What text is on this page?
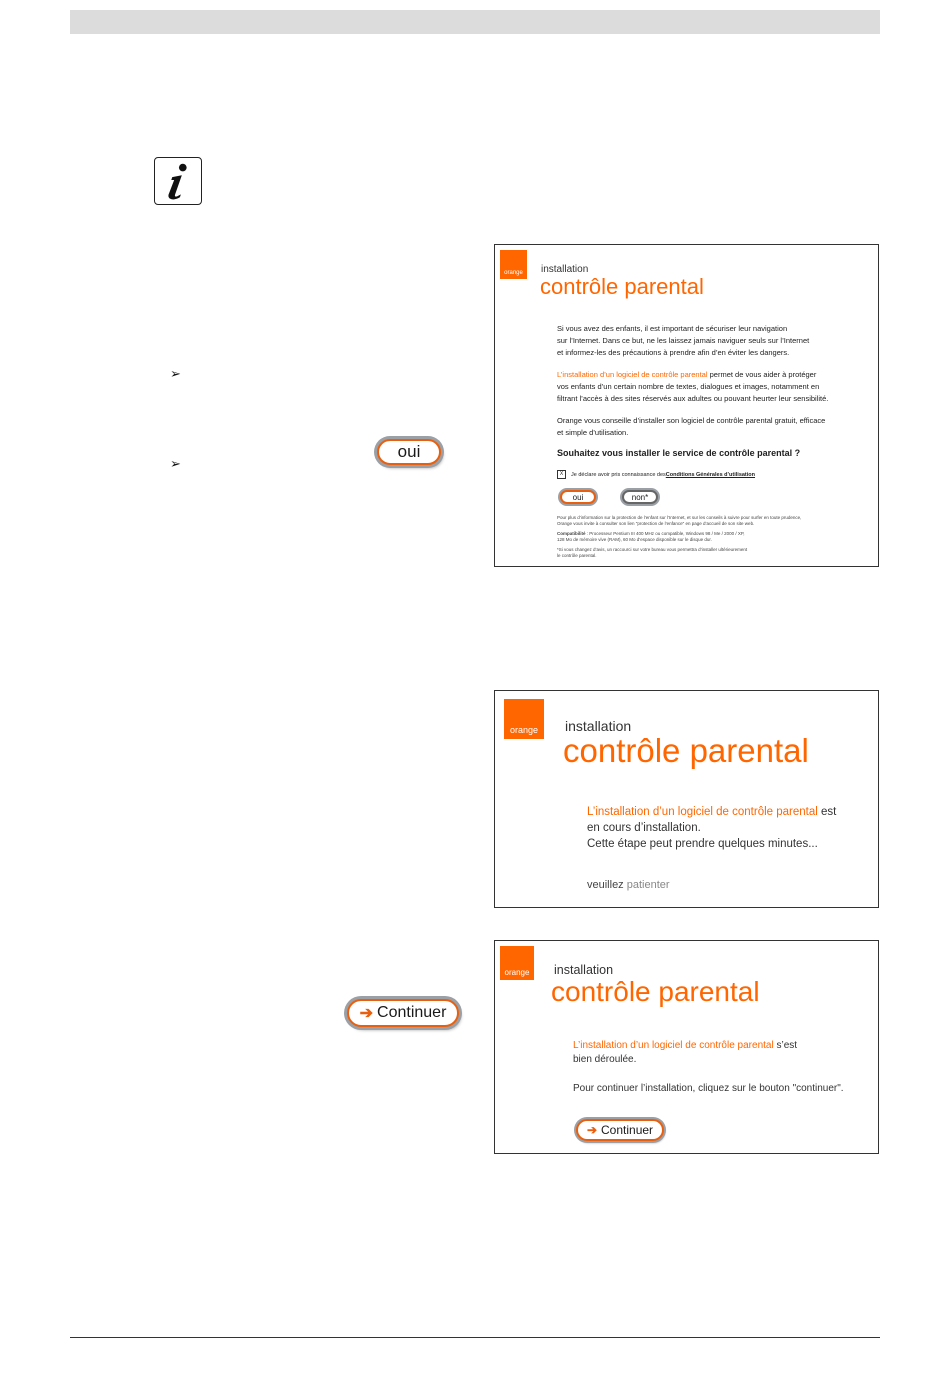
➢
➢
oui
➔ Continuer
orange installation
contrôle parental

Si vous avez des enfants, il est important de sécuriser leur navigation

sur l’Internet. Dans ce but, ne les laissez jamais naviguer seuls sur l’Internet

et informez-les des précautions à prendre afin d’en éviter les dangers.

L’installation d’un logiciel de contrôle parental permet de vous aider à protéger

vos enfants d’un certain nombre de textes, dialogues et images, notamment en

filtrant l’accès à des sites réservés aux adultes ou pouvant heurter leur sensibilité.

Orange vous conseille d’installer son logiciel de contrôle parental gratuit, efficace

et simple d’utilisation.

Souhaitez vous installer le service de contrôle parental ?
X	Je déclare avoir pris connaissance des Conditions Générales d’utilisation
oui	non*

Pour plus d’information sur la protection de l’enfant sur l’Internet, et sur les conseils à suivre pour surfer en toute prudence,

Orange vous invite à consulter son lien "protection de l’enfance" en page d’accueil de son site web.

Compatibilité : Processeur Pentium III 400 MHz ou compatible, Windows 98 / Me / 2000 / XP,

128 Mo de mémoire vive (RAM), 60 Mo d’espace disponible sur le disque dur.

*Si vous changez d’avis, un raccourci sur votre bureau vous permettra d’installer ultérieurement

le contrôle parental.

orange installation
contrôle parental

L’installation d’un logiciel de contrôle parental est

en cours d’installation.

Cette étape peut prendre quelques minutes...

veuillez patienter
orange installation
contrôle parental

L’installation d’un logiciel de contrôle parental s’est

bien déroulée.

Pour continuer l’installation, cliquez sur le bouton "continuer".
➔ Continuer
